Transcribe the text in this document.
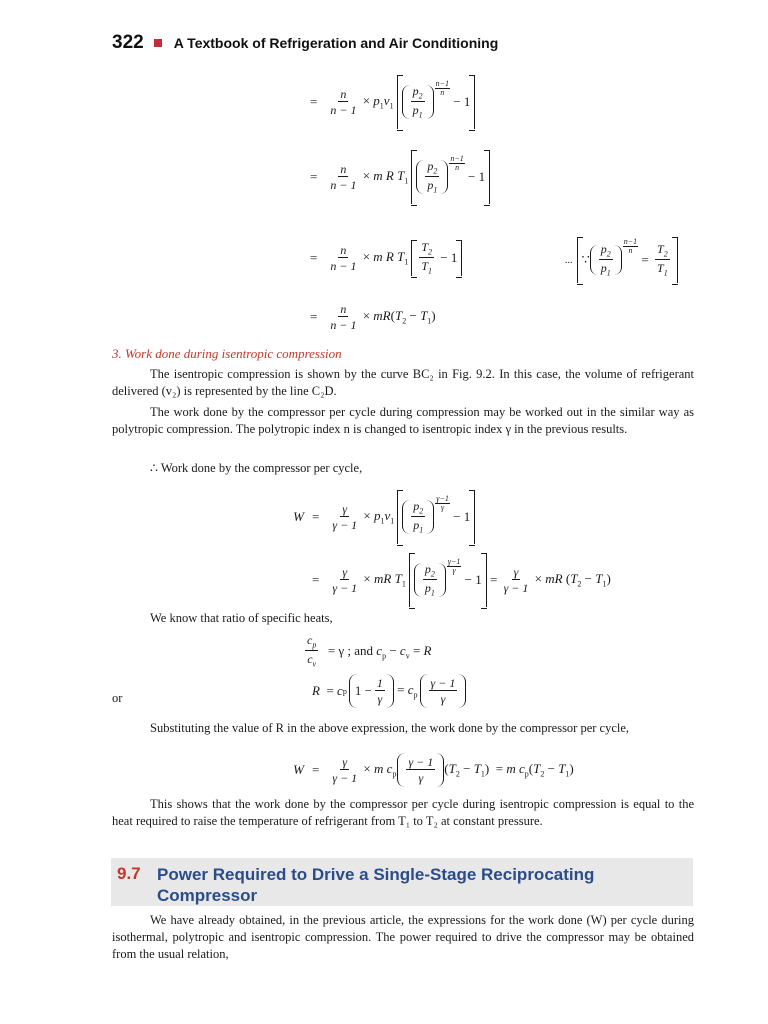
322 A Textbook of Refrigeration and Air Conditioning
= $\frac{n}{n - 1} \times p_1v_1 \frac{p_2}{p_1}$
n−1
n
− 1
= $\frac{n}{n - 1} \times m$ R $T_1 \frac{p_2}{p_1}$
n−1
n
− 1
= $\frac{n}{n - 1} \times m$ R $T_1 \frac{T_2}{T_1} - 1$	... ∵ $\frac{p_2}{p_1} \frac{n-1}{n}$
= $\frac{T_2}{T_1}$
= $\frac{n}{n - 1} \times mR(T_2 - T_1)$
3. Work done during isentropic compression
The isentropic compression is shown by the curve BC₂ in Fig. 9.2. In this case, the volume of refrigerant delivered (v₂) is represented by the line C₂D.
The work done by the compressor per cycle during compression may be worked out in the similar way as polytropic compression. The polytropic index n is changed to isentropic index γ in the previous results.
∴ Work done by the compressor per cycle,
$W = \frac{\gamma}{\gamma - 1} \times p_1v_1 \frac{p_2}{p_1}$
γ−1
γ
− 1
= $\frac{\gamma}{\gamma - 1}$ × mR $T_1 \frac{p_2}{p_1}$
γ−1
γ
− $1 = \frac{\gamma}{\gamma - 1}$ × mR $(T_2 - T_1)$
We know that ratio of specific heats,
$\frac{c_p}{c_v} = \gamma$ ; and $c_p - c_v = R$
or	R = c p $1 - \frac{1}{\gamma} = c_p \frac{\gamma - 1}{\gamma}$
Substituting the value of R in the above expression, the work done by the compressor per cycle,
$W = \frac{\gamma}{\gamma - 1} \times m$ $c_p \frac{\gamma - 1}{\gamma} (T_2 - T_1) = m$ $c_p(T_2 - T_1)$
This shows that the work done by the compressor per cycle during isentropic compression is equal to the heat required to raise the temperature of refrigerant from T₁ to T₂ at constant pressure.
9.7 Power Required to Drive a Single-Stage Reciprocating
Compressor
We have already obtained, in the previous article, the expressions for the work done (W) per cycle during isothermal, polytropic and isentropic compression. The power required to drive the compressor may be obtained from the usual relation,
